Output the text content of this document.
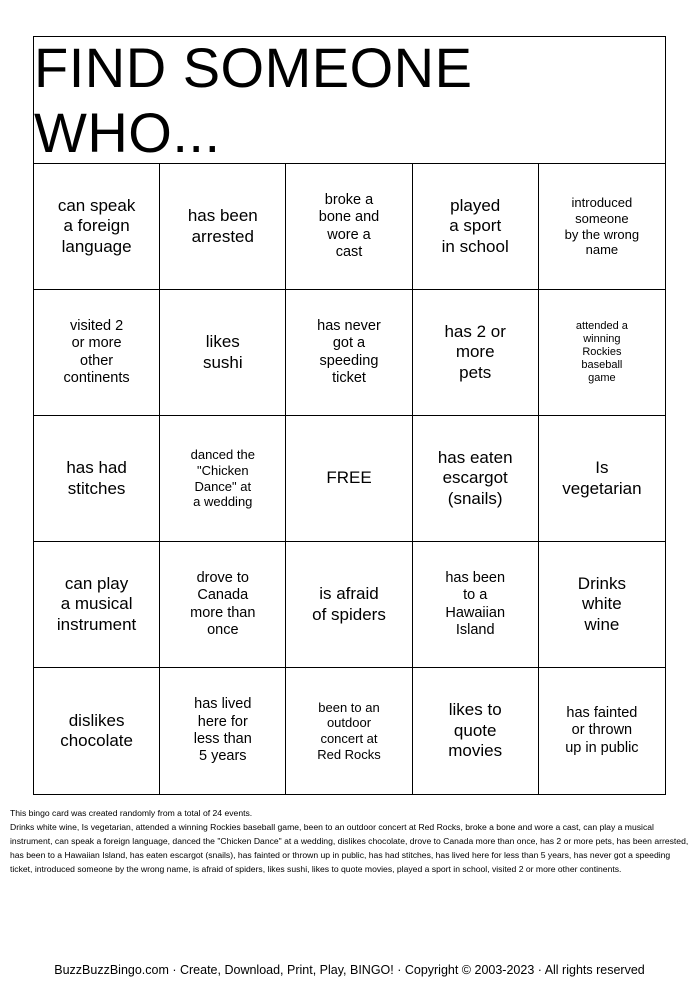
FIND SOMEONE WHO...
can speak
a foreign
language
has been
arrested
broke a
bone and
wore a
cast
played
a sport
in school
introduced
someone
by the wrong
name
visited 2
or more
other
continents
likes
sushi
has never
got a
speeding
ticket
has 2 or
more
pets
attended a
winning
Rockies
baseball
game
has had
stitches
danced the
"Chicken
Dance" at
a wedding
FREE
has eaten
escargot
(snails)
Is
vegetarian
can play
a musical
instrument
drove to
Canada
more than
once
is afraid
of spiders
has been
to a
Hawaiian
Island
Drinks
white
wine
dislikes
chocolate
has lived
here for
less than
5 years
been to an
outdoor
concert at
Red Rocks
likes to
quote
movies
has fainted
or thrown
up in public
This bingo card was created randomly from a total of 24 events.
Drinks white wine, Is vegetarian, attended a winning Rockies baseball game, been to an outdoor concert at Red Rocks, broke a bone and wore a cast, can play a musical instrument, can speak a foreign language, danced the "Chicken Dance" at a wedding, dislikes chocolate, drove to Canada more than once, has 2 or more pets, has been arrested, has been to a Hawaiian Island, has eaten escargot (snails), has fainted or thrown up in public, has had stitches, has lived here for less than 5 years, has never got a speeding ticket, introduced someone by the wrong name, is afraid of spiders, likes sushi, likes to quote movies, played a sport in school, visited 2 or more other continents.
BuzzBuzzBingo.com · Create, Download, Print, Play, BINGO! · Copyright © 2003-2023 · All rights reserved
